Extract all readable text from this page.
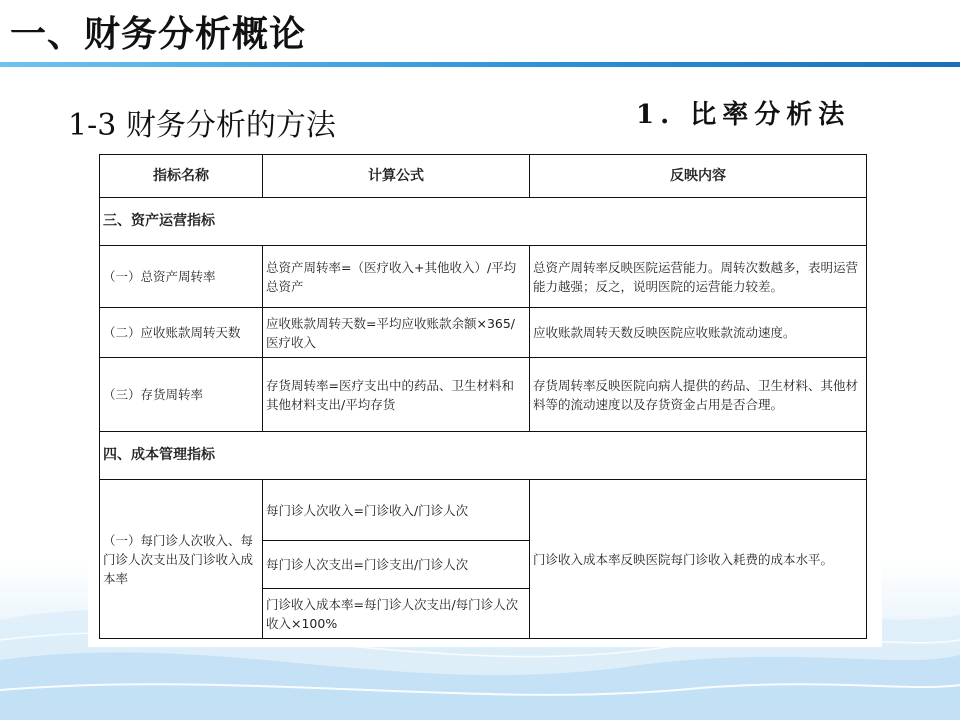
一、财务分析概论
1-3 财务分析的方法	1. 比率分析法
指标名称	计算公式	反映内容
三、资产运营指标		
（一）总资产周转率	总资产周转率=（医疗收入+其他收入）/平均总资产	总资产周转率反映医院运营能力。周转次数越多，表明运营能力越强；反之，说明医院的运营能力较差。
（二）应收账款周转天数	应收账款周转天数=平均应收账款余额×365/医疗收入	应收账款周转天数反映医院应收账款流动速度。
（三）存货周转率	存货周转率=医疗支出中的药品、卫生材料和其他材料支出/平均存货	存货周转率反映医院向病人提供的药品、卫生材料、其他材料等的流动速度以及存货资金占用是否合理。
四、成本管理指标		
（一）每门诊人次收入、每门诊人次支出及门诊收入成本率	每门诊人次收入=门诊收入/门诊人次	门诊收入成本率反映医院每门诊收入耗费的成本水平。
	每门诊人次支出=门诊支出/门诊人次	
	门诊收入成本率=每门诊人次支出/每门诊人次收入×100%	
